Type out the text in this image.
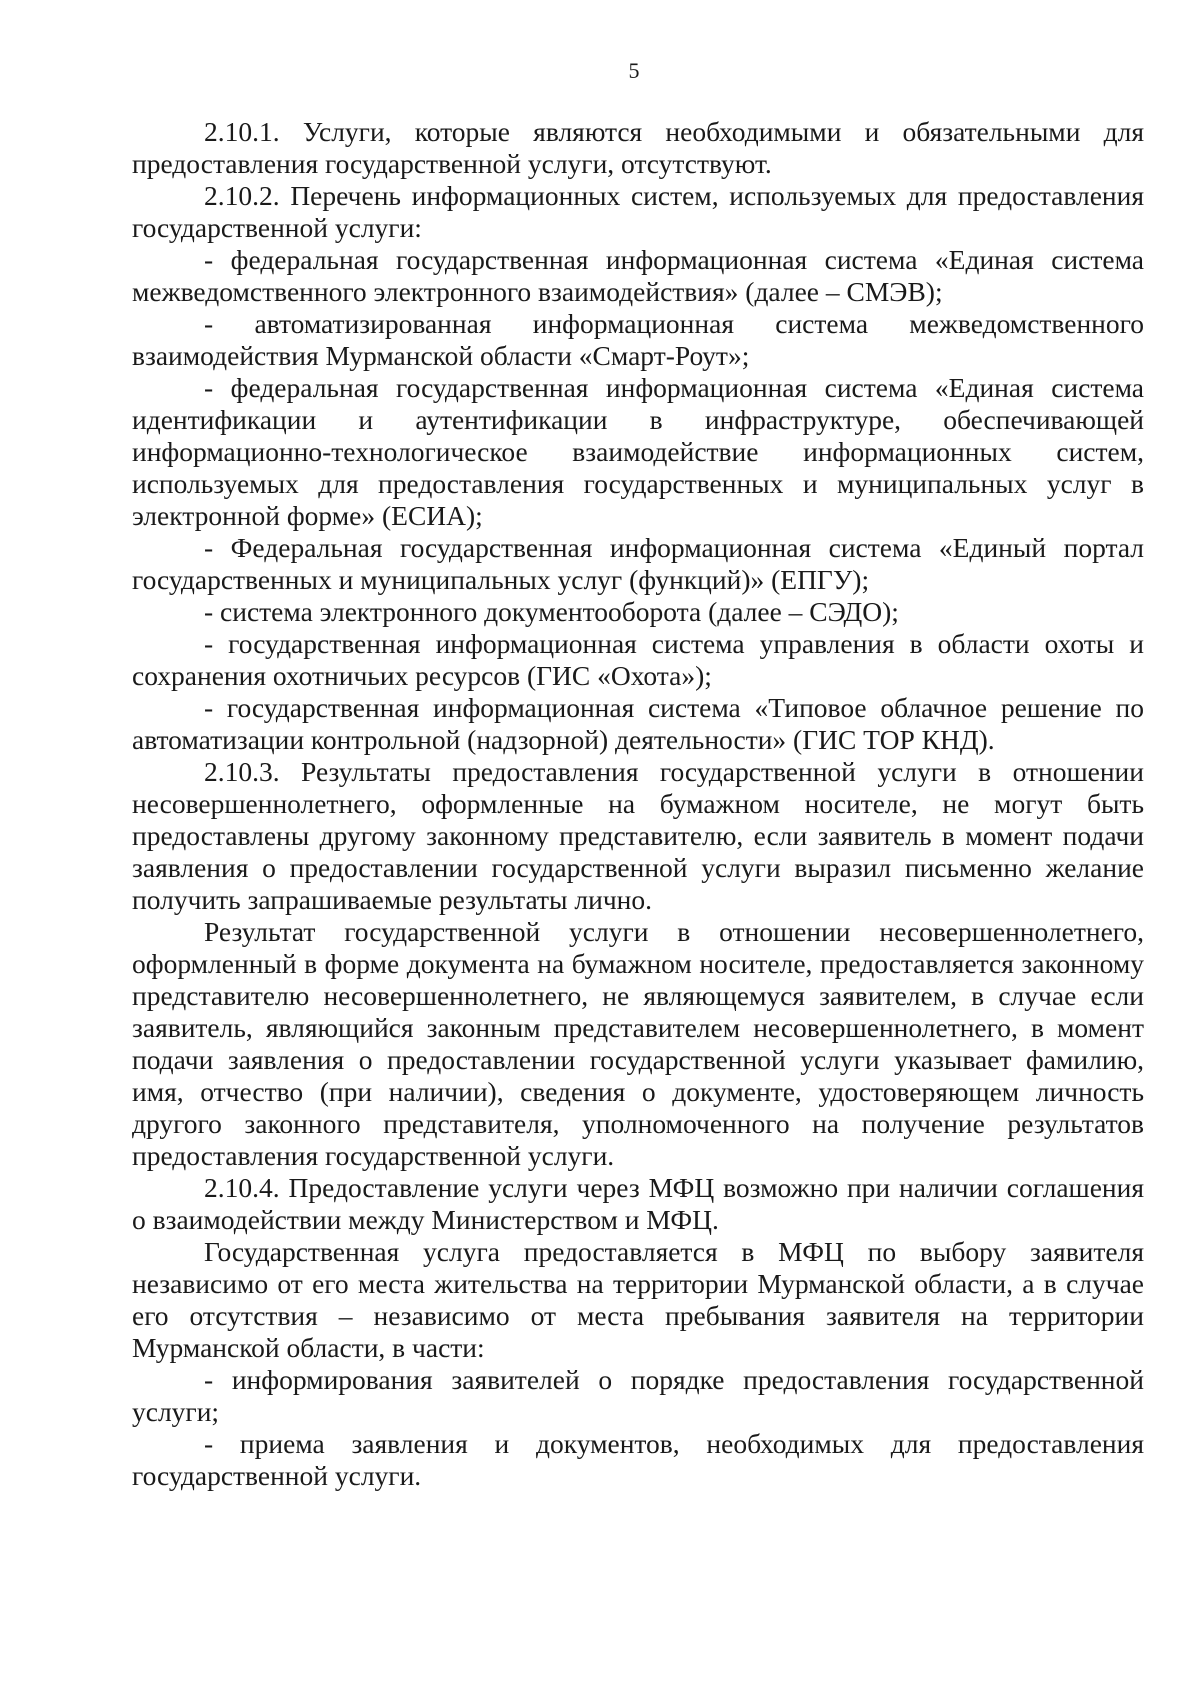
5

2.10.1. Услуги, которые являются необходимыми и обязательными для предоставления государственной услуги, отсутствуют.

2.10.2. Перечень информационных систем, используемых для предоставления государственной услуги:

- федеральная государственная информационная система «Единая система межведомственного электронного взаимодействия» (далее – СМЭВ);

- автоматизированная информационная система межведомственного взаимодействия Мурманской области «Смарт-Роут»;

- федеральная государственная информационная система «Единая система идентификации и аутентификации в инфраструктуре, обеспечивающей информационно-технологическое взаимодействие информационных систем, используемых для предоставления государственных и муниципальных услуг в электронной форме» (ЕСИА);

- Федеральная государственная информационная система «Единый портал государственных и муниципальных услуг (функций)» (ЕПГУ);

- система электронного документооборота (далее – СЭДО);

- государственная информационная система управления в области охоты и сохранения охотничьих ресурсов (ГИС «Охота»);

- государственная информационная система «Типовое облачное решение по автоматизации контрольной (надзорной) деятельности» (ГИС ТОР КНД).

2.10.3. Результаты предоставления государственной услуги в отношении несовершеннолетнего, оформленные на бумажном носителе, не могут быть предоставлены другому законному представителю, если заявитель в момент подачи заявления о предоставлении государственной услуги выразил письменно желание получить запрашиваемые результаты лично.

Результат государственной услуги в отношении несовершеннолетнего, оформленный в форме документа на бумажном носителе, предоставляется законному представителю несовершеннолетнего, не являющемуся заявителем, в случае если заявитель, являющийся законным представителем несовершеннолетнего, в момент подачи заявления о предоставлении государственной услуги указывает фамилию, имя, отчество (при наличии), сведения о документе, удостоверяющем личность другого законного представителя, уполномоченного на получение результатов предоставления государственной услуги.

2.10.4. Предоставление услуги через МФЦ возможно при наличии соглашения о взаимодействии между Министерством и МФЦ.

Государственная услуга предоставляется в МФЦ по выбору заявителя независимо от его места жительства на территории Мурманской области, а в случае его отсутствия – независимо от места пребывания заявителя на территории Мурманской области, в части:

- информирования заявителей о порядке предоставления государственной услуги;

- приема заявления и документов, необходимых для предоставления государственной услуги.
